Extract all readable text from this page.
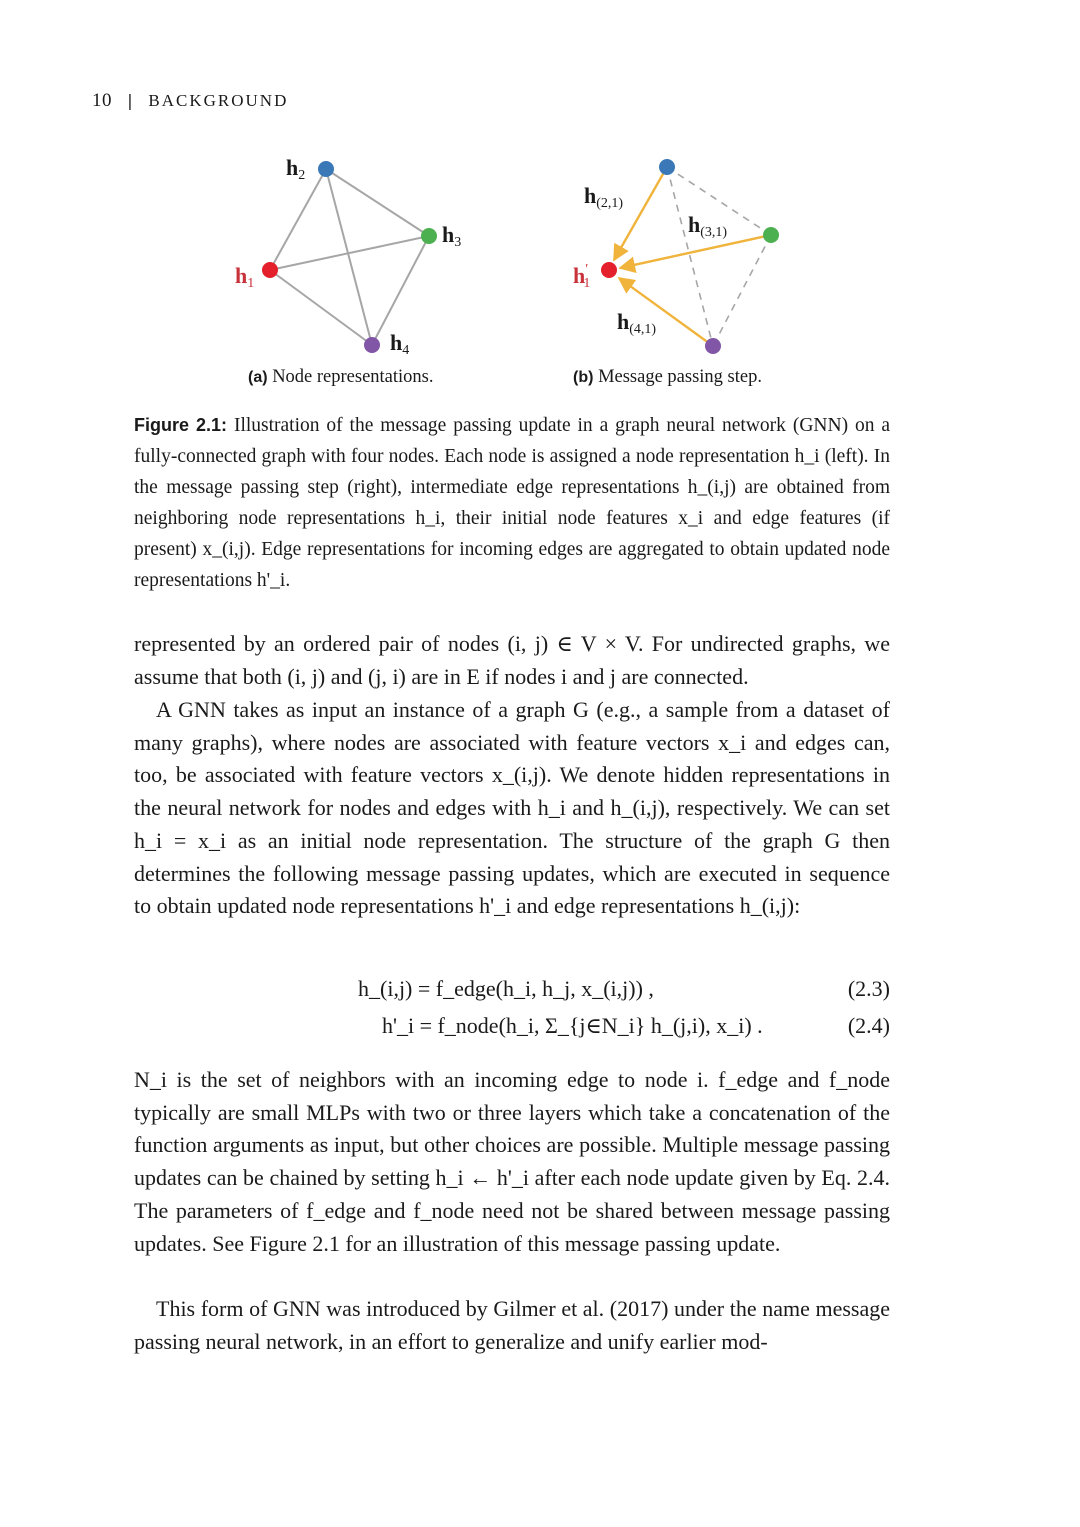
10 | BACKGROUND
h2
h3
h1
h4
h(2,1)
h(3,1)
h′ 1
h(4,1)
(a) Node representations.	(b) Message passing step.

Figure 2.1: Illustration of the message passing update in a graph neural network (GNN) on a fully-connected graph with four nodes. Each node is assigned a node representation h_i (left). In the message passing step (right), intermediate edge representations h_(i,j) are obtained from neighboring node representations h_i, their initial node features x_i and edge features (if present) x_(i,j). Edge representations for incoming edges are aggregated to obtain updated node representations h'_i.

represented by an ordered pair of nodes (i, j) ∈ V × V. For undirected graphs, we assume that both (i, j) and (j, i) are in E if nodes i and j are connected.

A GNN takes as input an instance of a graph G (e.g., a sample from a dataset of many graphs), where nodes are associated with feature vectors x_i and edges can, too, be associated with feature vectors x_(i,j). We denote hidden representations in the neural network for nodes and edges with h_i and h_(i,j), respectively. We can set h_i = x_i as an initial node representation. The structure of the graph G then determines the following message passing updates, which are executed in sequence to obtain updated node representations h'_i and edge representations h_(i,j):

h_(i,j) = f_edge(h_i, h_j, x_(i,j)) ,	(2.3)
h'_i = f_node(h_i, Σ_{j∈N_i} h_(j,i), x_i) .	(2.4)

N_i is the set of neighbors with an incoming edge to node i. f_edge and f_node typically are small MLPs with two or three layers which take a concatenation of the function arguments as input, but other choices are possible. Multiple message passing updates can be chained by setting h_i ← h'_i after each node update given by Eq. 2.4. The parameters of f_edge and f_node need not be shared between message passing updates. See Figure 2.1 for an illustration of this message passing update.

This form of GNN was introduced by Gilmer et al. (2017) under the name message passing neural network, in an effort to generalize and unify earlier mod-
